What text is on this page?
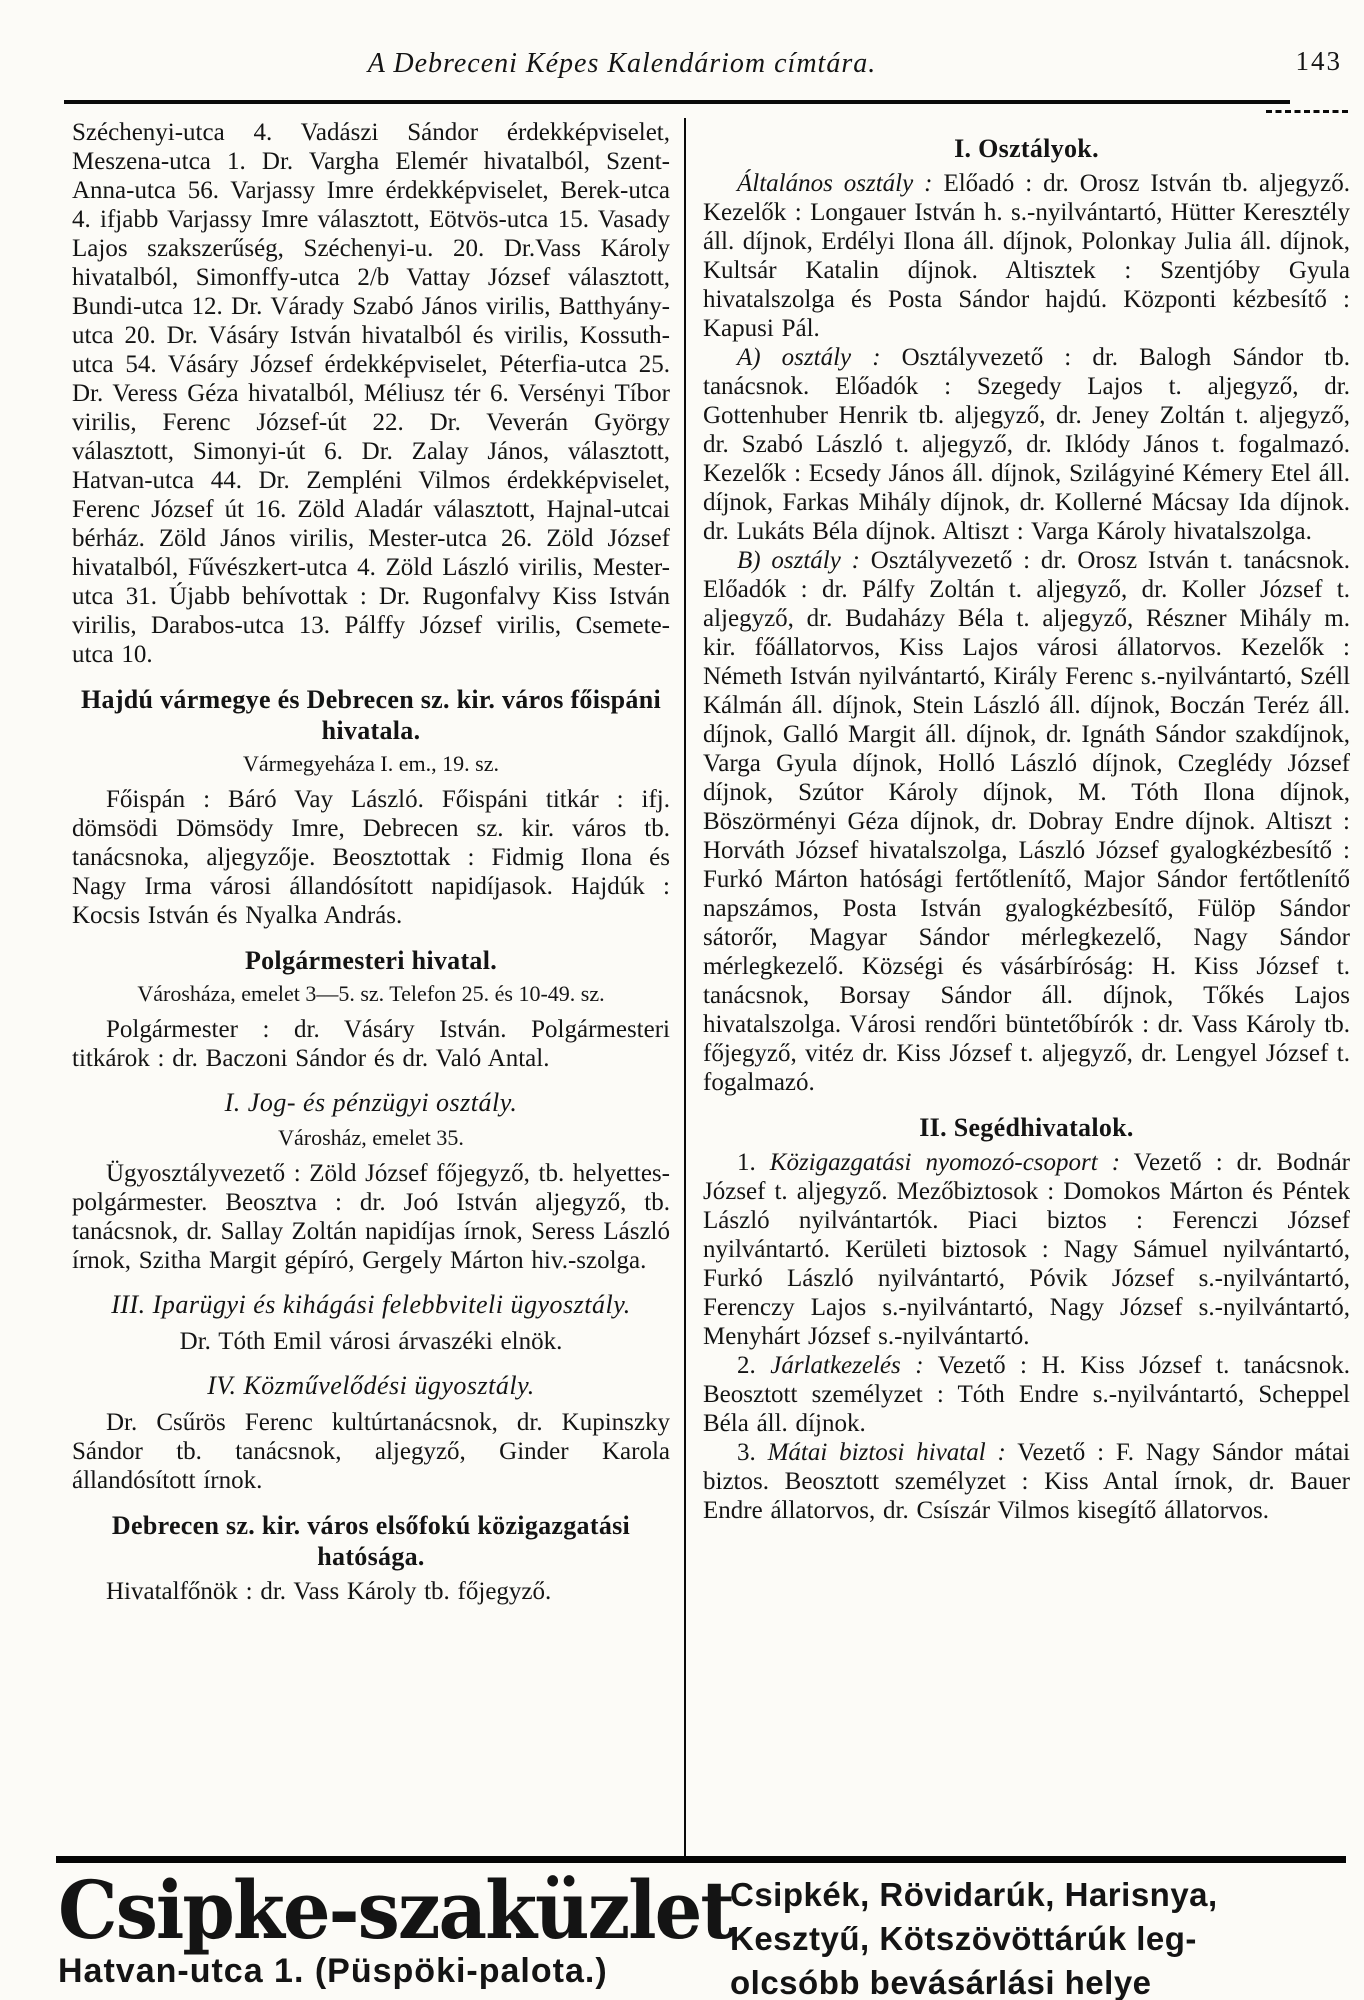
A Debreceni Képes Kalendáriom címtára.	143

Széchenyi-utca 4. Vadászi Sándor érdekképviselet, Meszena-utca 1. Dr. Vargha Elemér hivatalból, Szent-Anna-utca 56. Varjassy Imre érdekképviselet, Berek-utca 4. ifjabb Varjassy Imre választott, Eötvös-utca 15. Vasady Lajos szakszerűség, Széchenyi-u. 20. Dr.Vass Károly hivatalból, Simonffy-utca 2/b Vattay József választott, Bundi-utca 12. Dr. Várady Szabó János virilis, Batthyány-utca 20. Dr. Vásáry István hivatalból és virilis, Kossuth-utca 54. Vásáry József érdekképviselet, Péterfia-utca 25. Dr. Veress Géza hivatalból, Méliusz tér 6. Versényi Tíbor virilis, Ferenc József-út 22. Dr. Veverán György választott, Simonyi-út 6. Dr. Zalay János, választott, Hatvan-utca 44. Dr. Zempléni Vilmos érdekképviselet, Ferenc József út 16. Zöld Aladár választott, Hajnal-utcai bérház. Zöld János virilis, Mester-utca 26. Zöld József hivatalból, Fűvészkert-utca 4. Zöld László virilis, Mester-utca 31. Újabb behívottak : Dr. Rugonfalvy Kiss István virilis, Darabos-utca 13. Pálffy József virilis, Csemete-utca 10.

Hajdú vármegye és Debrecen sz. kir. város főispáni hivatala.
Vármegyeháza I. em., 19. sz.

Főispán : Báró Vay László. Főispáni titkár : ifj. dömsödi Dömsödy Imre, Debrecen sz. kir. város tb. tanácsnoka, aljegyzője. Beosztottak : Fidmig Ilona és Nagy Irma városi állandósított napidíjasok. Hajdúk : Kocsis István és Nyalka András.

Polgármesteri hivatal.
Városháza, emelet 3—5. sz. Telefon 25. és 10-49. sz.

Polgármester : dr. Vásáry István. Polgármesteri titkárok : dr. Baczoni Sándor és dr. Való Antal.

I. Jog- és pénzügyi osztály.
Városház, emelet 35.

Ügyosztályvezető : Zöld József főjegyző, tb. helyettes-polgármester. Beosztva : dr. Joó István aljegyző, tb. tanácsnok, dr. Sallay Zoltán napidíjas írnok, Seress László írnok, Szitha Margit gépíró, Gergely Márton hiv.-szolga.

III. Iparügyi és kihágási felebbviteli ügyosztály.

Dr. Tóth Emil városi árvaszéki elnök.

IV. Közművelődési ügyosztály.

Dr. Csűrös Ferenc kultúrtanácsnok, dr. Kupinszky Sándor tb. tanácsnok, aljegyző, Ginder Karola állandósított írnok.

Debrecen sz. kir. város elsőfokú közigazgatási hatósága.

Hivatalfőnök : dr. Vass Károly tb. főjegyző.

I. Osztályok.

Általános osztály : Előadó : dr. Orosz István tb. aljegyző. Kezelők : Longauer István h. s.-nyilvántartó, Hütter Keresztély áll. díjnok, Erdélyi Ilona áll. díjnok, Polonkay Julia áll. díjnok, Kultsár Katalin díjnok. Altisztek : Szentjóby Gyula hivatalszolga és Posta Sándor hajdú. Központi kézbesítő : Kapusi Pál.

A) osztály : Osztályvezető : dr. Balogh Sándor tb. tanácsnok. Előadók : Szegedy Lajos t. aljegyző, dr. Gottenhuber Henrik tb. aljegyző, dr. Jeney Zoltán t. aljegyző, dr. Szabó László t. aljegyző, dr. Iklódy János t. fogalmazó. Kezelők : Ecsedy János áll. díjnok, Szilágyiné Kémery Etel áll. díjnok, Farkas Mihály díjnok, dr. Kollerné Mácsay Ida díjnok. dr. Lukáts Béla díjnok. Altiszt : Varga Károly hivatalszolga.

B) osztály : Osztályvezető : dr. Orosz István t. tanácsnok. Előadók : dr. Pálfy Zoltán t. aljegyző, dr. Koller József t. aljegyző, dr. Budaházy Béla t. aljegyző, Részner Mihály m. kir. főállatorvos, Kiss Lajos városi állatorvos. Kezelők : Németh István nyilvántartó, Király Ferenc s.-nyilvántartó, Széll Kálmán áll. díjnok, Stein László áll. díjnok, Boczán Teréz áll. díjnok, Galló Margit áll. díjnok, dr. Ignáth Sándor szakdíjnok, Varga Gyula díjnok, Holló László díjnok, Czeglédy József díjnok, Szútor Károly díjnok, M. Tóth Ilona díjnok, Böszörményi Géza díjnok, dr. Dobray Endre díjnok. Altiszt : Horváth József hivatalszolga, László József gyalogkézbesítő : Furkó Márton hatósági fertőtlenítő, Major Sándor fertőtlenítő napszámos, Posta István gyalogkézbesítő, Fülöp Sándor sátorőr, Magyar Sándor mérlegkezelő, Nagy Sándor mérlegkezelő. Községi és vásárbíróság: H. Kiss József t. tanácsnok, Borsay Sándor áll. díjnok, Tőkés Lajos hivatalszolga. Városi rendőri büntetőbírók : dr. Vass Károly tb. főjegyző, vitéz dr. Kiss József t. aljegyző, dr. Lengyel József t. fogalmazó.

II. Segédhivatalok.

1. Közigazgatási nyomozó-csoport : Vezető : dr. Bodnár József t. aljegyző. Mezőbiztosok : Domokos Márton és Péntek László nyilvántartók. Piaci biztos : Ferenczi József nyilvántartó. Kerületi biztosok : Nagy Sámuel nyilvántartó, Furkó László nyilvántartó, Póvik József s.-nyilvántartó, Ferenczy Lajos s.-nyilvántartó, Nagy József s.-nyilvántartó, Menyhárt József s.-nyilvántartó.

2. Járlatkezelés : Vezető : H. Kiss József t. tanácsnok. Beosztott személyzet : Tóth Endre s.-nyilvántartó, Scheppel Béla áll. díjnok.

3. Mátai biztosi hivatal : Vezető : F. Nagy Sándor mátai biztos. Beosztott személyzet : Kiss Antal írnok, dr. Bauer Endre állatorvos, dr. Csíszár Vilmos kisegítő állatorvos.

Csipke-szaküzlet
Hatvan-utca 1. (Püspöki-palota.)
Csipkék, Rövidarúk, Harisnya,
Kesztyű, Kötszövöttárúk leg-
olcsóbb bevásárlási helye
